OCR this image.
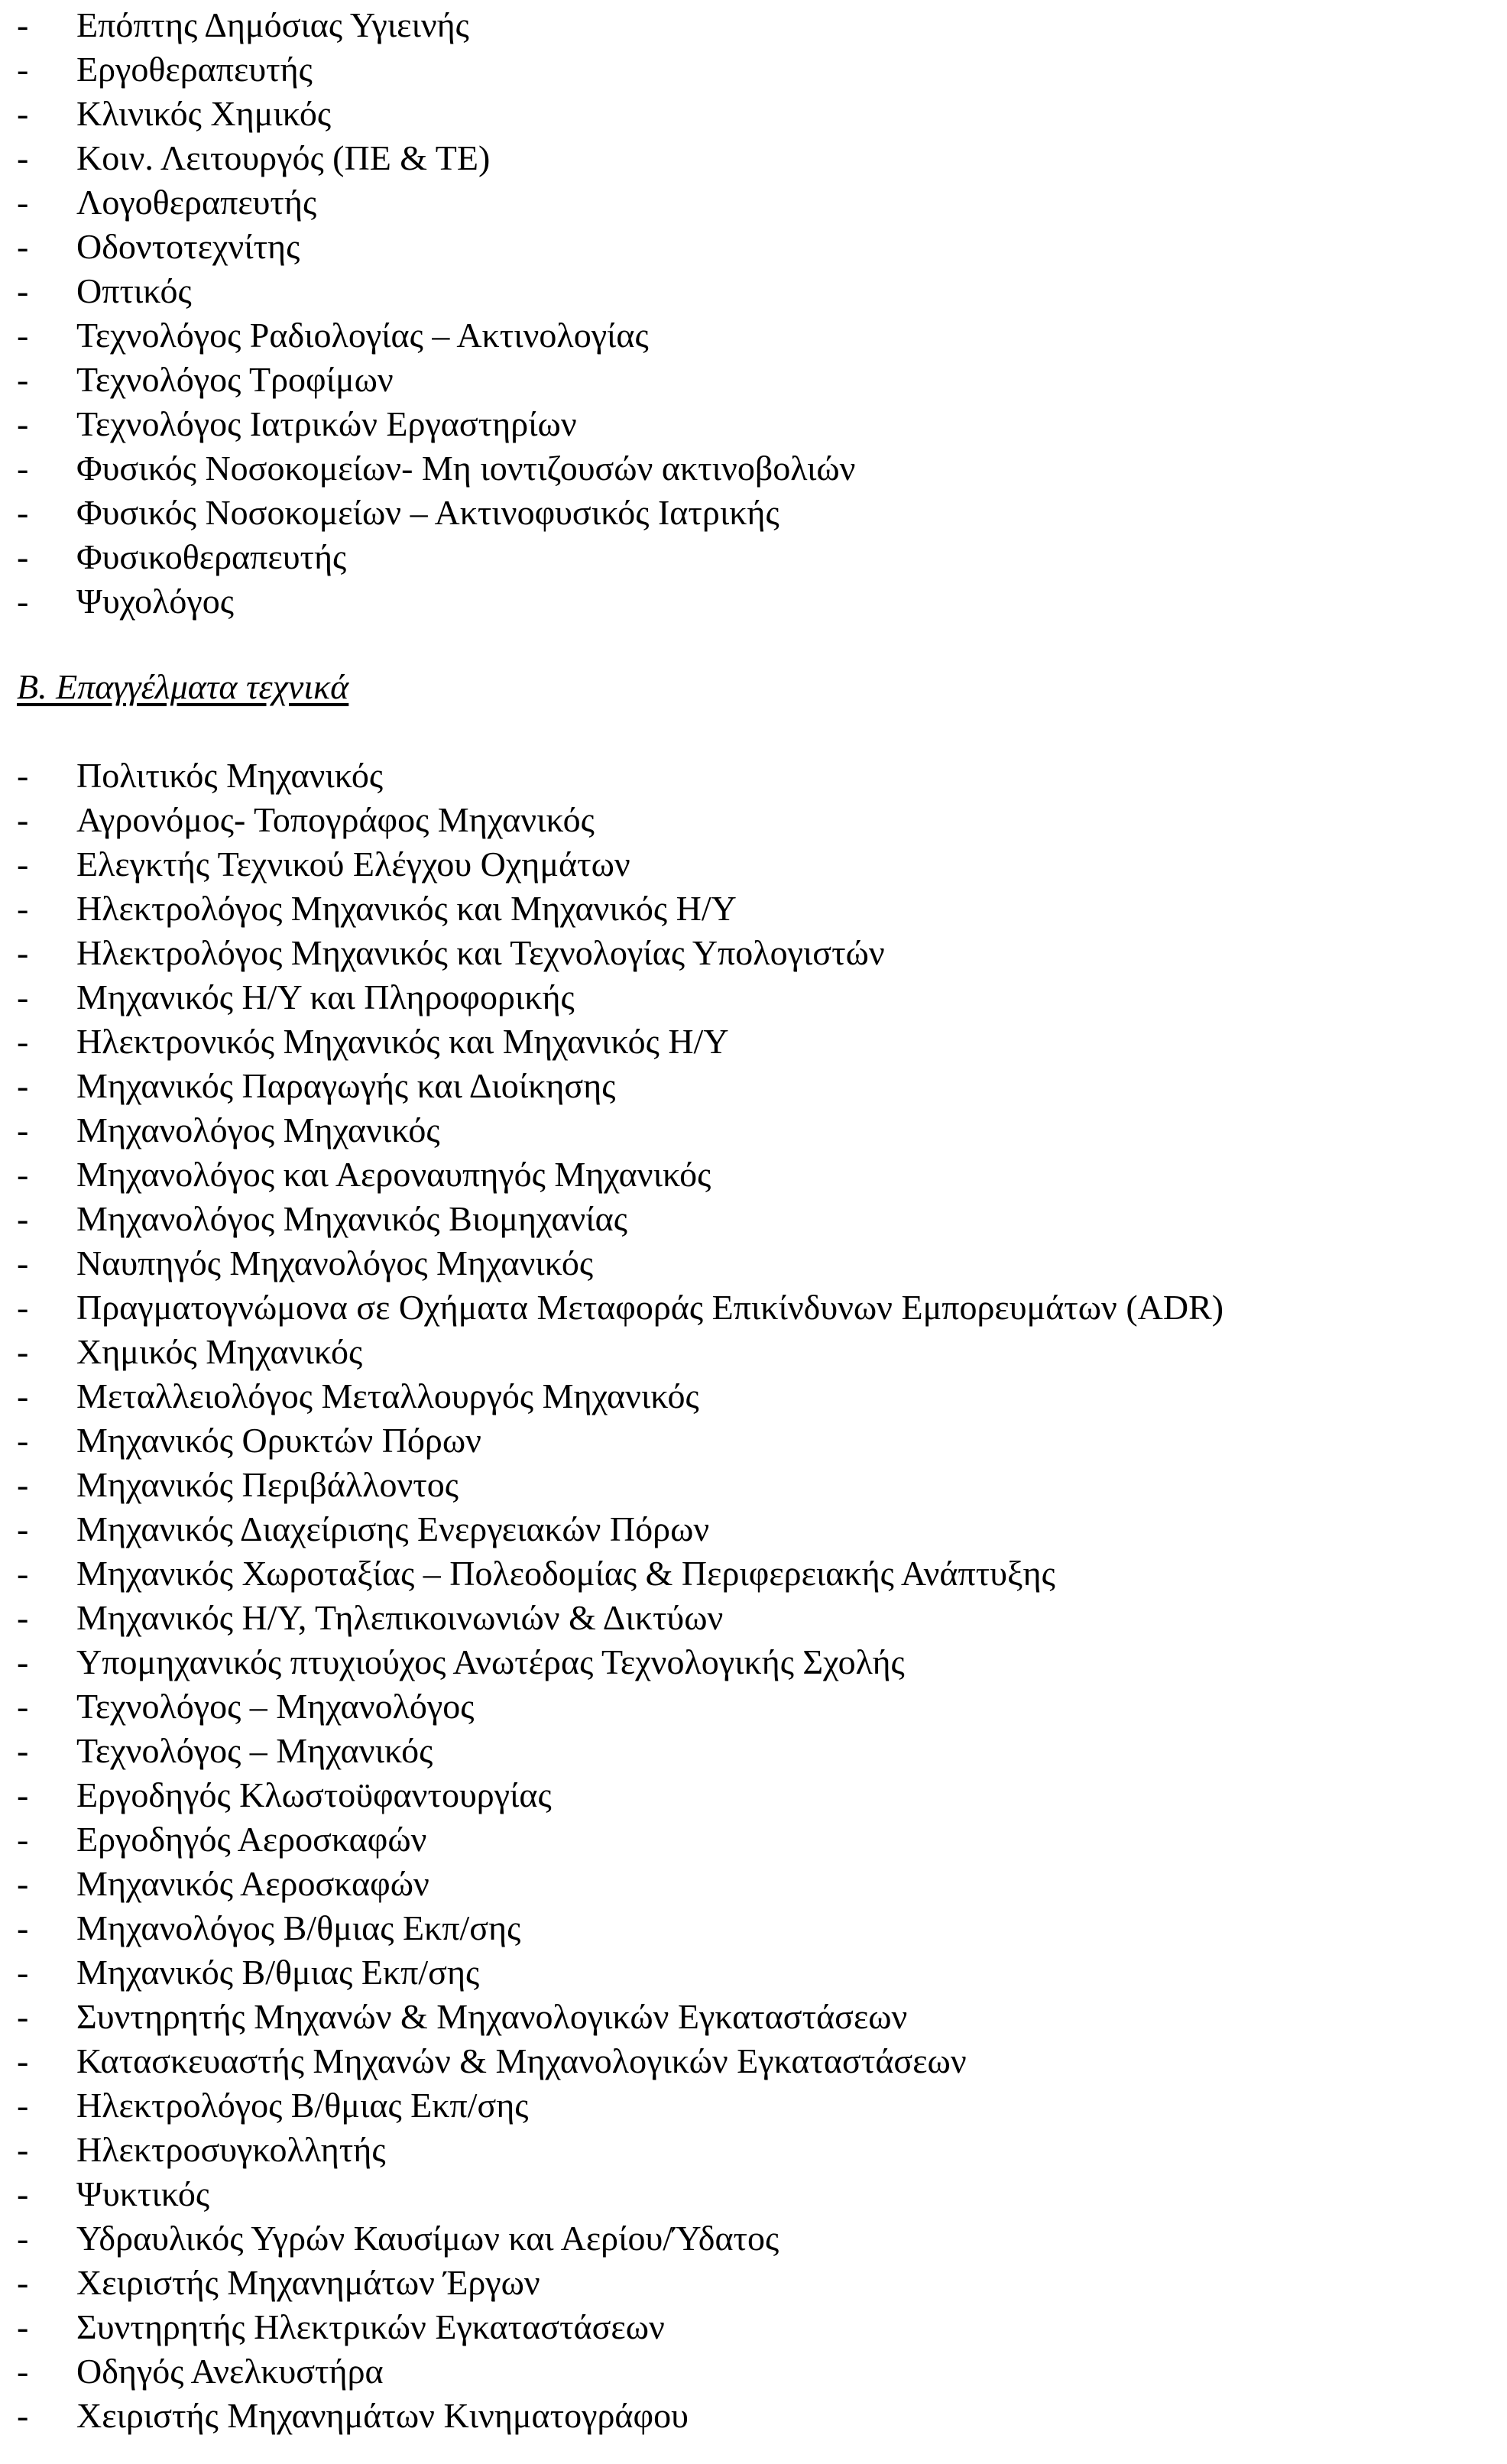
- Επόπτης Δημόσιας Υγιεινής
- Εργοθεραπευτής
- Κλινικός Χημικός
- Κοιν. Λειτουργός (ΠΕ & ΤΕ)
- Λογοθεραπευτής
- Οδοντοτεχνίτης
- Οπτικός
- Τεχνολόγος Ραδιολογίας – Ακτινολογίας
- Τεχνολόγος Τροφίμων
- Τεχνολόγος Ιατρικών Εργαστηρίων
- Φυσικός Νοσοκομείων- Μη ιοντιζουσών ακτινοβολιών
- Φυσικός Νοσοκομείων – Ακτινοφυσικός Ιατρικής
- Φυσικοθεραπευτής
- Ψυχολόγος
Β. Επαγγέλματα τεχνικά
- Πολιτικός Μηχανικός
- Αγρονόμος- Τοπογράφος Μηχανικός
- Ελεγκτής Τεχνικού Ελέγχου Οχημάτων
- Ηλεκτρολόγος Μηχανικός και Μηχανικός Η/Υ
- Ηλεκτρολόγος Μηχανικός και Τεχνολογίας Υπολογιστών
- Μηχανικός Η/Υ και Πληροφορικής
- Ηλεκτρονικός Μηχανικός και Μηχανικός Η/Υ
- Μηχανικός Παραγωγής και Διοίκησης
- Μηχανολόγος Μηχανικός
- Μηχανολόγος και Αεροναυπηγός Μηχανικός
- Μηχανολόγος Μηχανικός Βιομηχανίας
- Ναυπηγός Μηχανολόγος Μηχανικός
- Πραγματογνώμονα σε Οχήματα Μεταφοράς Επικίνδυνων Εμπορευμάτων (ADR)
- Χημικός Μηχανικός
- Μεταλλειολόγος Μεταλλουργός Μηχανικός
- Μηχανικός Ορυκτών Πόρων
- Μηχανικός Περιβάλλοντος
- Μηχανικός Διαχείρισης Ενεργειακών Πόρων
- Μηχανικός Χωροταξίας – Πολεοδομίας & Περιφερειακής Ανάπτυξης
- Μηχανικός Η/Υ, Τηλεπικοινωνιών & Δικτύων
- Υπομηχανικός πτυχιούχος Ανωτέρας Τεχνολογικής Σχολής
- Τεχνολόγος – Μηχανολόγος
- Τεχνολόγος – Μηχανικός
- Εργοδηγός Κλωστοϋφαντουργίας
- Εργοδηγός Αεροσκαφών
- Μηχανικός Αεροσκαφών
- Μηχανολόγος Β/θμιας Εκπ/σης
- Μηχανικός Β/θμιας Εκπ/σης
- Συντηρητής Μηχανών & Μηχανολογικών Εγκαταστάσεων
- Κατασκευαστής Μηχανών & Μηχανολογικών Εγκαταστάσεων
- Ηλεκτρολόγος Β/θμιας Εκπ/σης
- Ηλεκτροσυγκολλητής
- Ψυκτικός
- Υδραυλικός Υγρών Καυσίμων και Αερίου/Ύδατος
- Χειριστής Μηχανημάτων Έργων
- Συντηρητής Ηλεκτρικών Εγκαταστάσεων
- Οδηγός Ανελκυστήρα
- Χειριστής Μηχανημάτων Κινηματογράφου
